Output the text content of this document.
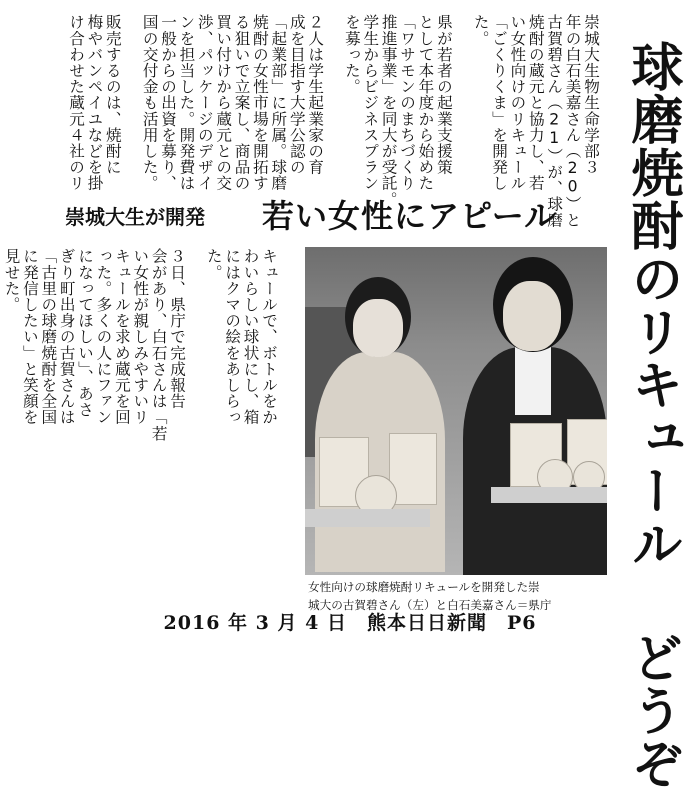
球磨焼酎のリキュール どうぞ
崇城大生物生命学部３
年の白石美嘉さん（20）と
古賀碧さん（21）が、球磨
焼酎の蔵元と協力し、若
い女性向けのリキュール
「ごくりくま」を開発し
た。

県が若者の起業支援策
として本年度から始めた
「ワサモンのまちづくり
推進事業」を同大が受託。
学生からビジネスプラン
を募った。

２人は学生起業家の育
成を目指す大学公認の
「起業部」に所属。球磨
焼酎の女性市場を開拓す
る狙いで立案し、商品の
買い付けから蔵元との交
渉、パッケージのデザイ
ンを担当した。開発費は
一般からの出資を募り、
国の交付金も活用した。

販売するのは、焼酎に
梅やバンペイユなどを掛
け合わせた蔵元４社のリ
崇城大生が開発	若い女性にアピール
キュールで、ボトルをか
わいらしい球状にし、箱
にはクマの絵をあしらっ
た。

３日、県庁で完成報告
会があり、白石さんは「若
い女性が親しみやすいリ
キュールを求め蔵元を回
った。多くの人にファン
になってほしい」、あさ
ぎり町出身の古賀さんは
「古里の球磨焼酎を全国
に発信したい」と笑顔を
見せた。

女性向けの球磨焼酎リキュールを開発した崇
城大の古賀碧さん（左）と白石美嘉さん＝県庁
2016 年 3 月 4 日　熊本日日新聞　P6
